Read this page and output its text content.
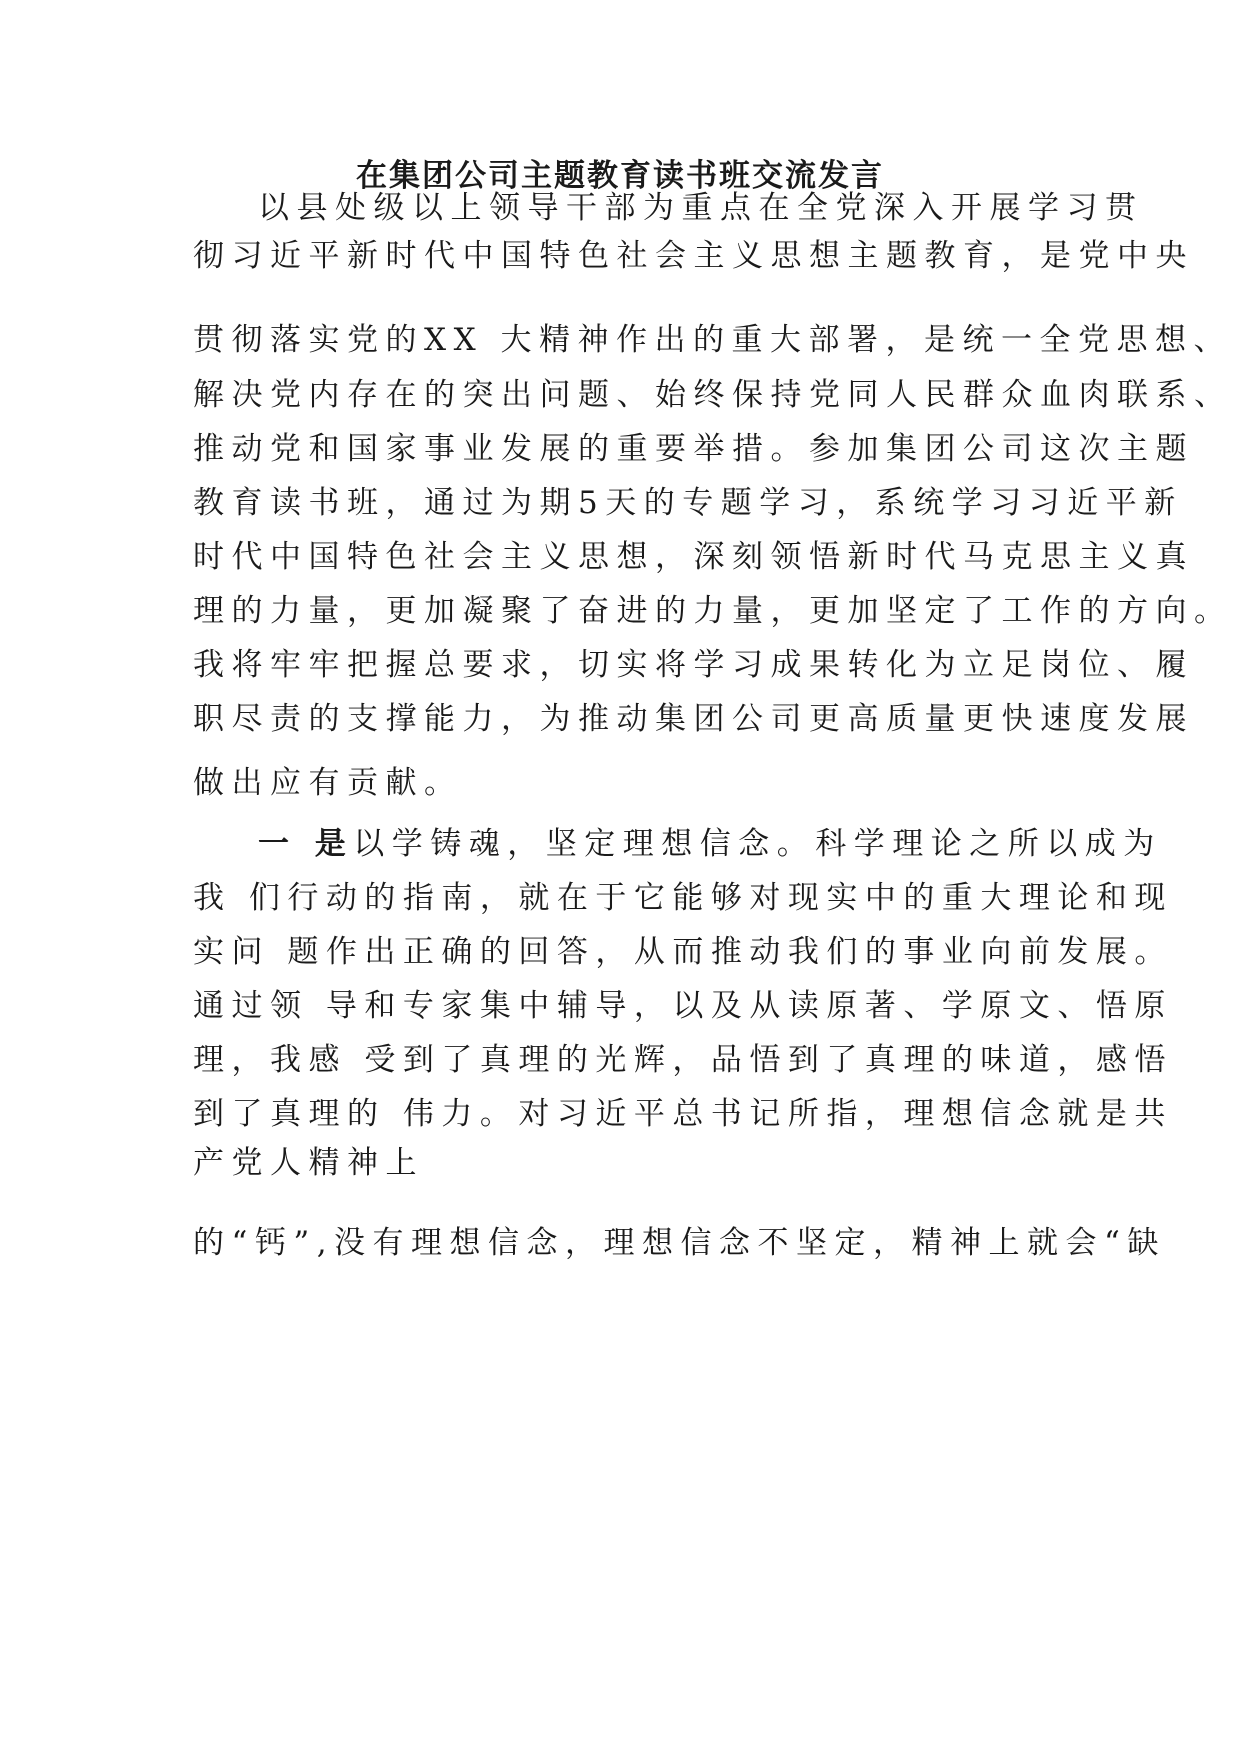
在集团公司主题教育读书班交流发言
以县处级以上领导干部为重点在全党深入开展学习贯
彻习近平新时代中国特色社会主义思想主题教育，是党中央
贯彻落实党的XX 大精神作出的重大部署，是统一全党思想、
解决党内存在的突出问题、始终保持党同人民群众血肉联系、
推动党和国家事业发展的重要举措。参加集团公司这次主题
教育读书班，通过为期5天的专题学习，系统学习习近平新
时代中国特色社会主义思想，深刻领悟新时代马克思主义真
理的力量，更加凝聚了奋进的力量，更加坚定了工作的方向。
我将牢牢把握总要求，切实将学习成果转化为立足岗位、履
职尽责的支撑能力，为推动集团公司更高质量更快速度发展
做出应有贡献。
一 是以学铸魂，坚定理想信念。科学理论之所以成为
我 们行动的指南，就在于它能够对现实中的重大理论和现
实问 题作出正确的回答，从而推动我们的事业向前发展。
通过领 导和专家集中辅导，以及从读原著、学原文、悟原
理，我感 受到了真理的光辉，品悟到了真理的味道，感悟
到了真理的 伟力。对习近平总书记所指，理想信念就是共
产党人精神上
的“钙”,没有理想信念，理想信念不坚定，精神上就会“缺
